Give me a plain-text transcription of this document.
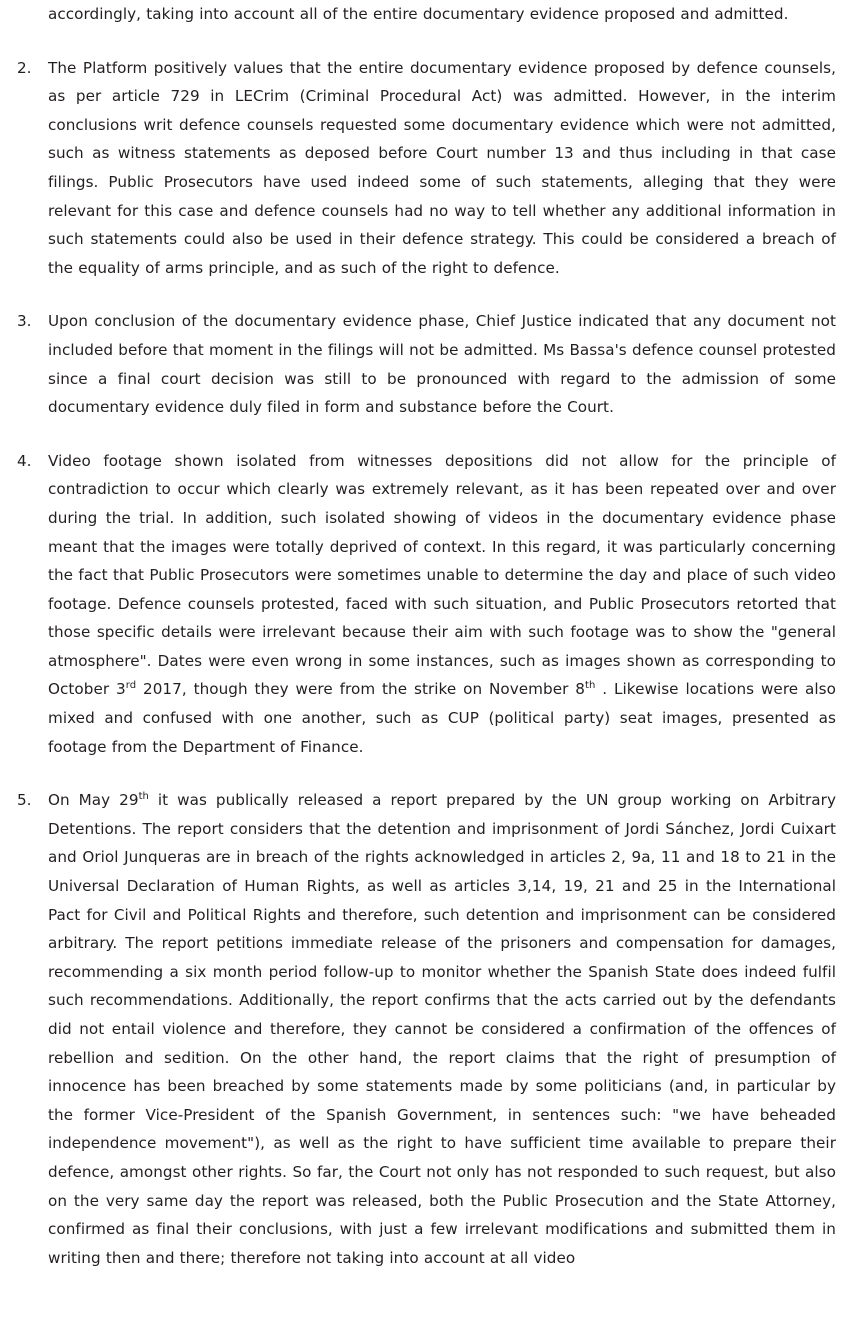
accordingly, taking into account all of the entire documentary evidence proposed and admitted.
2.	The Platform positively values that the entire documentary evidence proposed by defence counsels, as per article 729 in LECrim (Criminal Procedural Act) was admitted. However, in the interim conclusions writ defence counsels requested some documentary evidence which were not admitted, such as witness statements as deposed before Court number 13 and thus including in that case filings. Public Prosecutors have used indeed some of such statements, alleging that they were relevant for this case and defence counsels had no way to tell whether any additional information in such statements could also be used in their defence strategy. This could be considered a breach of the equality of arms principle, and as such of the right to defence.
3.	Upon conclusion of the documentary evidence phase, Chief Justice indicated that any document not included before that moment in the filings will not be admitted. Ms Bassa's defence counsel protested since a final court decision was still to be pronounced with regard to the admission of some documentary evidence duly filed in form and substance before the Court.
4.	Video footage shown isolated from witnesses depositions did not allow for the principle of contradiction to occur which clearly was extremely relevant, as it has been repeated over and over during the trial. In addition, such isolated showing of videos in the documentary evidence phase meant that the images were totally deprived of context. In this regard, it was particularly concerning the fact that Public Prosecutors were sometimes unable to determine the day and place of such video footage. Defence counsels protested, faced with such situation, and Public Prosecutors retorted that those specific details were irrelevant because their aim with such footage was to show the "general atmosphere". Dates were even wrong in some instances, such as images shown as corresponding to October 3rd 2017, though they were from the strike on November 8th . Likewise locations were also mixed and confused with one another, such as CUP (political party) seat images, presented as footage from the Department of Finance.
5.	On May 29th it was publically released a report prepared by the UN group working on Arbitrary Detentions. The report considers that the detention and imprisonment of Jordi Sánchez, Jordi Cuixart and Oriol Junqueras are in breach of the rights acknowledged in articles 2, 9a, 11 and 18 to 21 in the Universal Declaration of Human Rights, as well as articles 3,14, 19, 21 and 25 in the International Pact for Civil and Political Rights and therefore, such detention and imprisonment can be considered arbitrary. The report petitions immediate release of the prisoners and compensation for damages, recommending a six month period follow-up to monitor whether the Spanish State does indeed fulfil such recommendations. Additionally, the report confirms that the acts carried out by the defendants did not entail violence and therefore, they cannot be considered a confirmation of the offences of rebellion and sedition. On the other hand, the report claims that the right of presumption of innocence has been breached by some statements made by some politicians (and, in particular by the former Vice-President of the Spanish Government, in sentences such: "we have beheaded independence movement"), as well as the right to have sufficient time available to prepare their defence, amongst other rights. So far, the Court not only has not responded to such request, but also on the very same day the report was released, both the Public Prosecution and the State Attorney, confirmed as final their conclusions, with just a few irrelevant modifications and submitted them in writing then and there; therefore not taking into account at all video
